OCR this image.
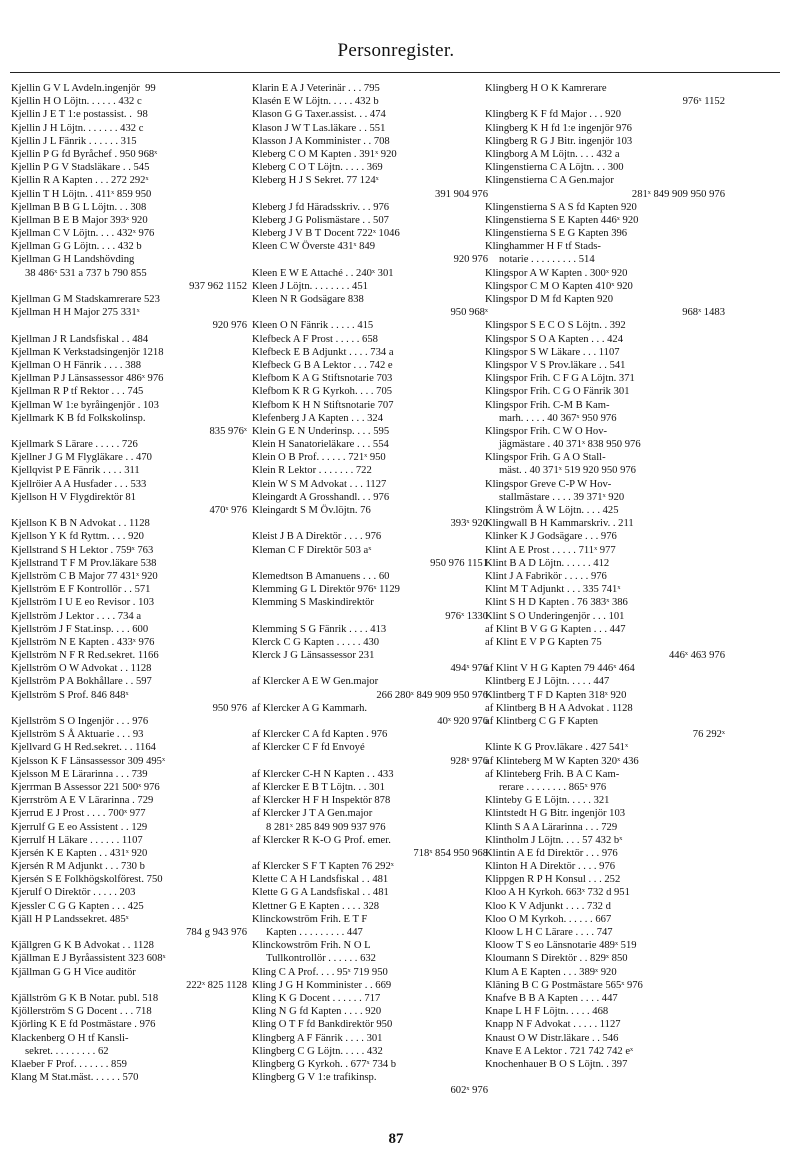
Personregister.
Kjellin G V L Avdeln.ingenjör  99
Kjellin H O Löjtn. . . . . . 432 c
Kjellin J E T 1:e postassist. .  98
Kjellin J H Löjtn. . . . . . . 432 c
Kjellin J L Fänrik . . . . . . 315
Kjellin P G fd Byråchef . 950 968ˣ
Kjellin P G V Stadsläkare . . 545
Kjellin R A Kapten . . . 272 292ˣ
Kjellin T H Löjtn. . 411ˣ 859 950
Kjellman B B G L Löjtn. . . 308
Kjellman B E B Major 393ˣ 920
Kjellman C V Löjtn. . . . 432ˣ 976
Kjellman G G Löjtn. . . . 432 b
Kjellman G H Landshövding
38 486ˣ 531 a 737 b 790 855
937 962 1152
Kjellman G M Stadskamrerare 523
Kjellman H H Major 275 331ˣ
920 976
Kjellman J R Landsfiskal . . 484
Kjellman K Verkstadsingenjör 1218
Kjellman O H Fänrik . . . . 388
Kjellman P J Länsassessor 486ˣ 976
Kjellman R P tf Rektor . . . 745
Kjellman W 1:e byråingenjör . 103
Kjellmark K B fd Folkskolinsp.
835 976ˣ
Kjellmark S Lärare . . . . . 726
Kjellner J G M Flygläkare . . 470
Kjellqvist P E Fänrik . . . . 311
Kjellröier A A Husfader . . . 533
Kjellson H V Flygdirektör 81
470ˣ 976
Kjellson K B N Advokat . . 1128
Kjellson Y K fd Ryttm. . . . 920
Kjellstrand S H Lektor . 759ˣ 763
Kjellstrand T F M Prov.läkare 538
Kjellström C B Major 77 431ˣ 920
Kjellström E F Kontrollör . . 571
Kjellström I U E eo Revisor . 103
Kjellström J Lektor . . . . 734 a
Kjellström J F Stat.insp. . . . 600
Kjellström N E Kapten . 433ˣ 976
Kjellström N F R Red.sekret. 1166
Kjellström O W Advokat . . 1128
Kjellström P A Bokhållare . . 597
Kjellström S Prof. 846 848ˣ
950 976
Kjellström S O Ingenjör . . . 976
Kjellström S Å Aktuarie . . . 93
Kjellvard G H Red.sekret. . . 1164
Kjelsson K F Länsassessor 309 495ˣ
Kjelsson M E Lärarinna . . . 739
Kjerrman B Assessor 221 500ˣ 976
Kjerrström A E V Lärarinna . 729
Kjerrud E J Prost . . . . 700ˣ 977
Kjerrulf G E eo Assistent . . 129
Kjerrulf H Läkare . . . . . . 1107
Kjersén K E Kapten . . 431ˣ 920
Kjersén R M Adjunkt . . . 730 b
Kjersén S E Folkhögskolförest. 750
Kjerulf O Direktör . . . . . 203
Kjessler C G G Kapten . . . 425
Kjäll H P Landssekret. 485ˣ
784 g 943 976
Kjällgren G K B Advokat . . 1128
Kjällman E J Byråassistent 323 608ˣ
Kjällman G G H Vice auditör
222ˣ 825 1128
Kjällström G K B Notar. publ. 518
Kjöllerström S G Docent . . . 718
Kjörling K E fd Postmästare . 976
Klackenberg O H tf Kansli-
sekret. . . . . . . . . 62
Klaeber F Prof. . . . . . . 859
Klang M Stat.mäst. . . . . . 570
Klarin E A J Veterinär . . . 795
Klasén E W Löjtn. . . . . 432 b
Klason G G Taxer.assist. . . 474
Klason J W T Las.läkare . . 551
Klasson J A Komminister . . 708
Kleberg C O M Kapten . 391ˣ 920
Kleberg C O T Löjtn. . . . . 369
Kleberg H J S Sekret. 77 124ˣ
391 904 976
Kleberg J fd Häradsskriv. . . 976
Kleberg J G Polismästare . . 507
Kleberg J V B T Docent 722ˣ 1046
Kleen C W Överste 431ˣ 849
920 976
Kleen E W E Attaché . . 240ˣ 301
Kleen J Löjtn. . . . . . . . 451
Kleen N R Godsägare 838
950 968ˣ
Kleen O N Fänrik . . . . . 415
Klefbeck A F Prost . . . . . 658
Klefbeck E B Adjunkt . . . . 734 a
Klefbeck G B A Lektor . . . 742 e
Klefbom K A G Stiftsnotarie 703
Klefbom K R G Kyrkoh. . . . 705
Klefbom K H N Stiftsnotarie 707
Klefenberg J A Kapten . . . 324
Klein G E N Underinsp. . . . 595
Klein H Sanatorieläkare . . . 554
Klein O B Prof. . . . . . 721ˣ 950
Klein R Lektor . . . . . . . 722
Klein W S M Advokat . . . 1127
Kleingardt A Grosshandl. . . 976
Kleingardt S M Öv.löjtn. 76
393ˣ 920
Kleist J B A Direktör . . . . 976
Kleman C F Direktör 503 aˣ
950 976 1151
Klemedtson B Amanuens . . . 60
Klemming G L Direktör 976ˣ 1129
Klemming S Maskindirektör
976ˣ 1330
Klemming S G Fänrik . . . . 413
Klerck C G Kapten . . . . . 430
Klerck J G Länsassessor 231
494ˣ 976
af Klercker A E W Gen.major
266 280ˣ 849 909 950 976
af Klercker A G Kammarh.
40ˣ 920 976
af Klercker C A fd Kapten . 976
af Klercker C F fd Envoyé
928ˣ 976
af Klercker C-H N Kapten . . 433
af Klercker E B T Löjtn. . . 301
af Klercker H F H Inspektör 878
af Klercker J T A Gen.major
8 281ˣ 285 849 909 937 976
af Klercker R K-O G Prof. emer.
718ˣ 854 950 968
af Klercker S F T Kapten 76 292ˣ
Klette C A H Landsfiskal . . 481
Klette G G A Landsfiskal . . 481
Klettner G E Kapten . . . . 328
Klinckowström Frih. E T F
Kapten . . . . . . . . . 447
Klinckowström Frih. N O L
Tullkontrollör . . . . . . 632
Kling C A Prof. . . . 95ˣ 719 950
Kling J G H Komminister . . 669
Kling K G Docent . . . . . . 717
Kling N G fd Kapten . . . . 920
Kling O T F fd Bankdirektör 950
Klingberg A F Fänrik . . . . 301
Klingberg C G Löjtn. . . . . 432
Klingberg G Kyrkoh. . 677ˣ 734 b
Klingberg G V 1:e trafikinsp.
602ˣ 976
Klingberg H O K Kamrerare
976ˣ 1152
Klingberg K F fd Major . . . 920
Klingberg K H fd 1:e ingenjör 976
Klingberg R G J Bitr. ingenjör 103
Klingborg A M Löjtn. . . . 432 a
Klingenstierna C A Löjtn. . . 300
Klingenstierna C A Gen.major
281ˣ 849 909 950 976
Klingenstierna S A S fd Kapten 920
Klingenstierna S E Kapten 446ˣ 920
Klingenstierna S E G Kapten 396
Klinghammer H F tf Stads-
notarie . . . . . . . . . 514
Klingspor A W Kapten . 300ˣ 920
Klingspor C M O Kapten 410ˣ 920
Klingspor D M fd Kapten 920
968ˣ 1483
Klingspor S E C O S Löjtn. . 392
Klingspor S O A Kapten . . . 424
Klingspor S W Läkare . . . 1107
Klingspor V S Prov.läkare . . 541
Klingspor Frih. C F G A Löjtn. 371
Klingspor Frih. C G O Fänrik 301
Klingspor Frih. C-M B Kam-
marh. . . . . 40 367ˣ 950 976
Klingspor Frih. C W O Hov-
jägmästare . 40 371ˣ 838 950 976
Klingspor Frih. G A O Stall-
mäst. . 40 371ˣ 519 920 950 976
Klingspor Greve C-P W Hov-
stallmästare . . . . 39 371ˣ 920
Klingström Å W Löjtn. . . . 425
Klingwall B H Kammarskriv. . 211
Klinker K J Godsägare . . . 976
Klint A E Prost . . . . . 711ˣ 977
Klint B A D Löjtn. . . . . . 412
Klint J A Fabrikör . . . . . 976
Klint M T Adjunkt . . . 335 741ˣ
Klint S H D Kapten . 76 383ˣ 386
Klint S O Underingenjör . . . 101
af Klint B V G G Kapten . . . 447
af Klint E V P G Kapten 75
446ˣ 463 976
af Klint V H G Kapten 79 446ˣ 464
Klintberg E J Löjtn. . . . . 447
Klintberg T F D Kapten 318ˣ 920
af Klintberg B H A Advokat . 1128
af Klintberg C G F Kapten
76 292ˣ
Klinte K G Prov.läkare . 427 541ˣ
af Klinteberg M W Kapten 320ˣ 436
af Klinteberg Frih. B A C Kam-
rerare . . . . . . . . 865ˣ 976
Klinteby G E Löjtn. . . . . 321
Klintstedt H G Bitr. ingenjör 103
Klinth S A A Lärarinna . . . 729
Klintholm J Löjtn. . . . 57 432 bˣ
Klintin A E fd Direktör . . . 976
Klinton H A Direktör . . . . 976
Klippgen R P H Konsul . . . 252
Kloo A H Kyrkoh. 663ˣ 732 d 951
Kloo K V Adjunkt . . . . 732 d
Kloo O M Kyrkoh. . . . . . 667
Kloow L H C Lärare . . . . 747
Kloow T S eo Länsnotarie 489ˣ 519
Kloumann S Direktör . . 829ˣ 850
Klum A E Kapten . . . 389ˣ 920
Kläning B C G Postmästare 565ˣ 976
Knafve B B A Kapten . . . . 447
Knape L H F Löjtn. . . . . 468
Knapp N F Advokat . . . . . 1127
Knaust O W Distr.läkare . . 546
Knave E A Lektor . 721 742 742 eˣ
Knochenhauer B O S Löjtn. . 397
87
